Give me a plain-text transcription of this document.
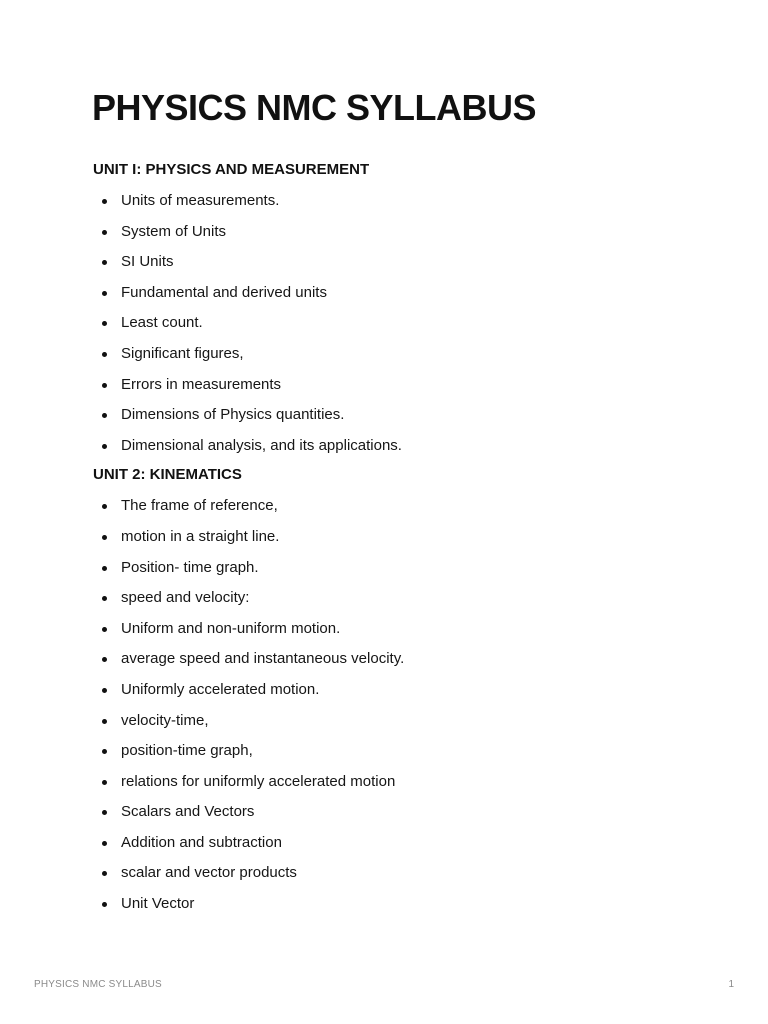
PHYSICS NMC SYLLABUS
UNIT I: PHYSICS AND MEASUREMENT
Units of measurements.
System of Units
SI Units
Fundamental and derived units
Least count.
Significant figures,
Errors in measurements
Dimensions of Physics quantities.
Dimensional analysis, and its applications.
UNIT 2: KINEMATICS
The frame of reference,
motion in a straight line.
Position- time graph.
speed and velocity:
Uniform and non-uniform motion.
average speed and instantaneous velocity.
Uniformly accelerated motion.
velocity-time,
position-time graph,
relations for uniformly accelerated motion
Scalars and Vectors
Addition and subtraction
scalar and vector products
Unit Vector
PHYSICS NMC SYLLABUS	1
